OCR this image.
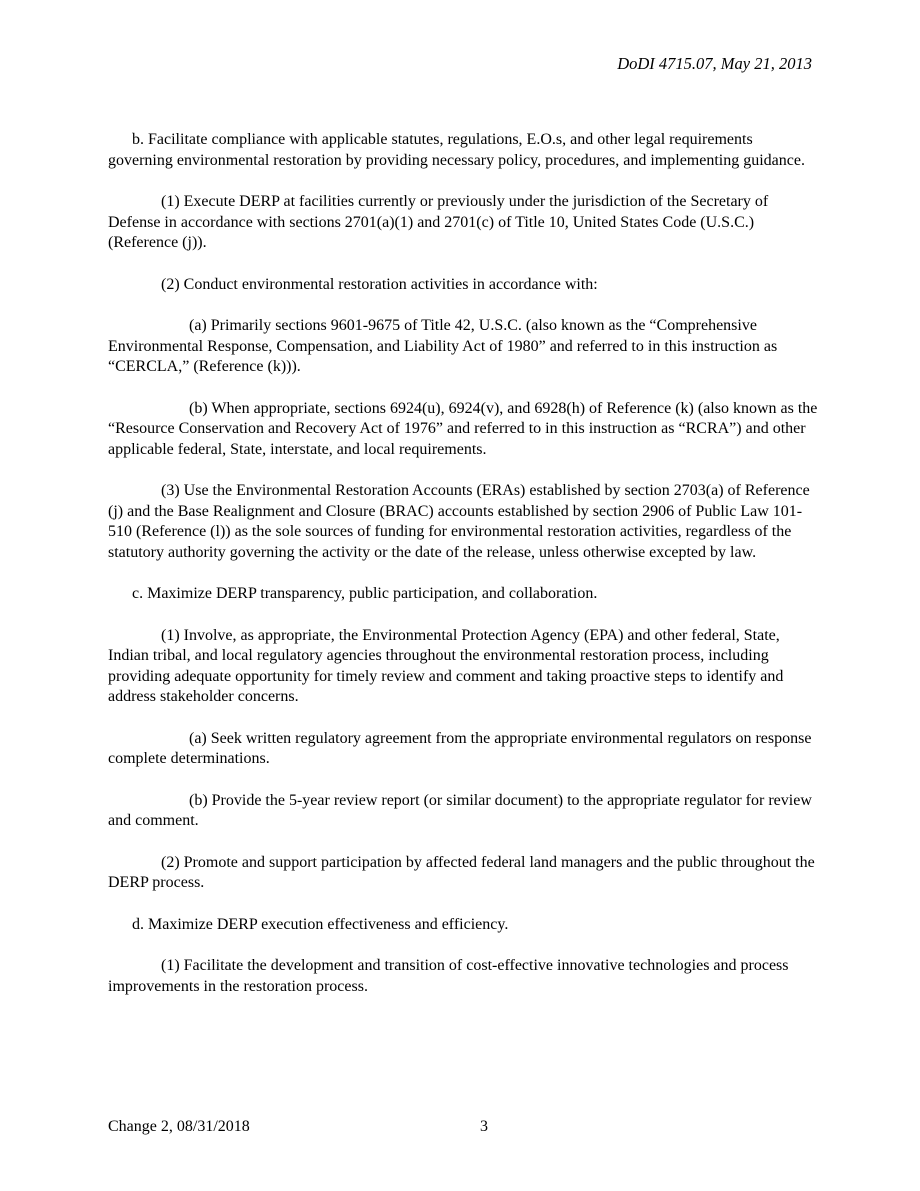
DoDI 4715.07, May 21, 2013

b. Facilitate compliance with applicable statutes, regulations, E.O.s, and other legal requirements governing environmental restoration by providing necessary policy, procedures, and implementing guidance.

(1) Execute DERP at facilities currently or previously under the jurisdiction of the Secretary of Defense in accordance with sections 2701(a)(1) and 2701(c) of Title 10, United States Code (U.S.C.) (Reference (j)).

(2) Conduct environmental restoration activities in accordance with:

(a) Primarily sections 9601-9675 of Title 42, U.S.C. (also known as the “Comprehensive Environmental Response, Compensation, and Liability Act of 1980” and referred to in this instruction as “CERCLA,” (Reference (k))).

(b) When appropriate, sections 6924(u), 6924(v), and 6928(h) of Reference (k) (also known as the “Resource Conservation and Recovery Act of 1976” and referred to in this instruction as “RCRA”) and other applicable federal, State, interstate, and local requirements.

(3) Use the Environmental Restoration Accounts (ERAs) established by section 2703(a) of Reference (j) and the Base Realignment and Closure (BRAC) accounts established by section 2906 of Public Law 101-510 (Reference (l)) as the sole sources of funding for environmental restoration activities, regardless of the statutory authority governing the activity or the date of the release, unless otherwise excepted by law.

c. Maximize DERP transparency, public participation, and collaboration.

(1) Involve, as appropriate, the Environmental Protection Agency (EPA) and other federal, State, Indian tribal, and local regulatory agencies throughout the environmental restoration process, including providing adequate opportunity for timely review and comment and taking proactive steps to identify and address stakeholder concerns.

(a) Seek written regulatory agreement from the appropriate environmental regulators on response complete determinations.

(b) Provide the 5-year review report (or similar document) to the appropriate regulator for review and comment.

(2) Promote and support participation by affected federal land managers and the public throughout the DERP process.

d. Maximize DERP execution effectiveness and efficiency.

(1) Facilitate the development and transition of cost-effective innovative technologies and process improvements in the restoration process.

Change 2, 08/31/2018	3
